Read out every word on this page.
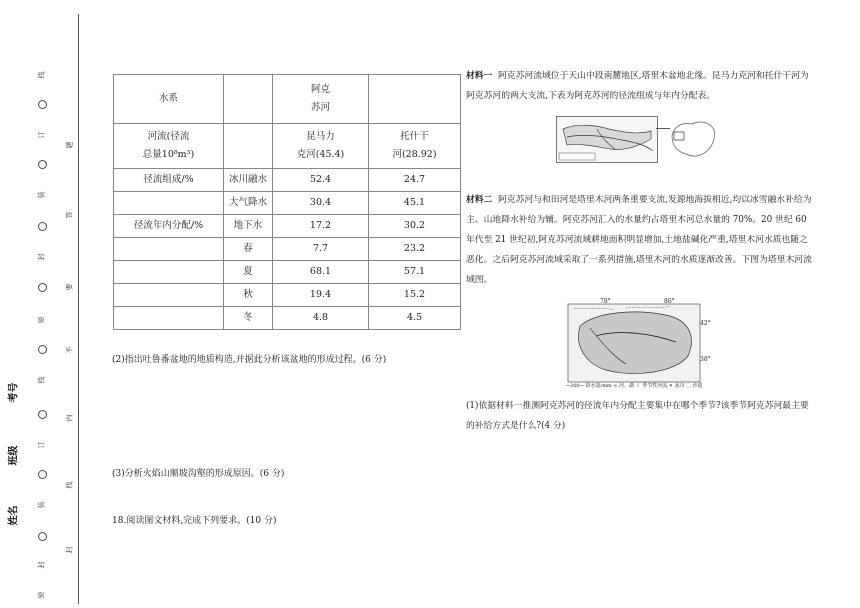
线
订
装
封
密
线
订
装
封
密
题
答
要
不
内
线
封
考号
班级
姓名
水系		阿克
苏河	
河流(径流
总量10⁸m³)		昆马力
克河(45.4)	托什干
河(28.92)
径流组成/%	冰川融水	52.4	24.7
	大气降水	30.4	45.1
径流年内分配/%	地下水	17.2	30.2
	春	7.7	23.2
	夏	68.1	57.1
	秋	19.4	15.2
	冬	4.8	4.5
(2)指出吐鲁番盆地的地质构造,并据此分析该盆地的形成过程。(6 分)
(3)分析火焰山顺坡沟壑的形成原因。(6 分)
18.阅读图文材料,完成下列要求。(10 分)
材料一 阿克苏河流域位于天山中段南麓地区,塔里木盆地北缘。昆马力克河和托什干河为阿克苏河的两大支流,下表为阿克苏河的径流组成与年内分配表。
材料二 阿克苏河与和田河是塔里木河两条重要支流,发源地海拔相近,均以冰雪融水补给为主、山地降水补给为辅。阿克苏河汇入的水量约占塔里木河总水量的 70%。20 世纪 60 年代至 21 世纪初,阿克苏河流域耕地面积明显增加,土地盐碱化严重,塔里木河水质也随之恶化。之后阿克苏河流域采取了一系列措施,塔里木河的水质逐渐改善。下图为塔里木河流域图。
78°	86°
42°
38°
~200~ 降水量/mm ≈ 河、湖 ⌇ 季节性河流 ✶ 冰川 ⬚ 沙漠
(1)依据材料一推测阿克苏河的径流年内分配主要集中在哪个季节?该季节阿克苏河最主要的补给方式是什么?(4 分)
